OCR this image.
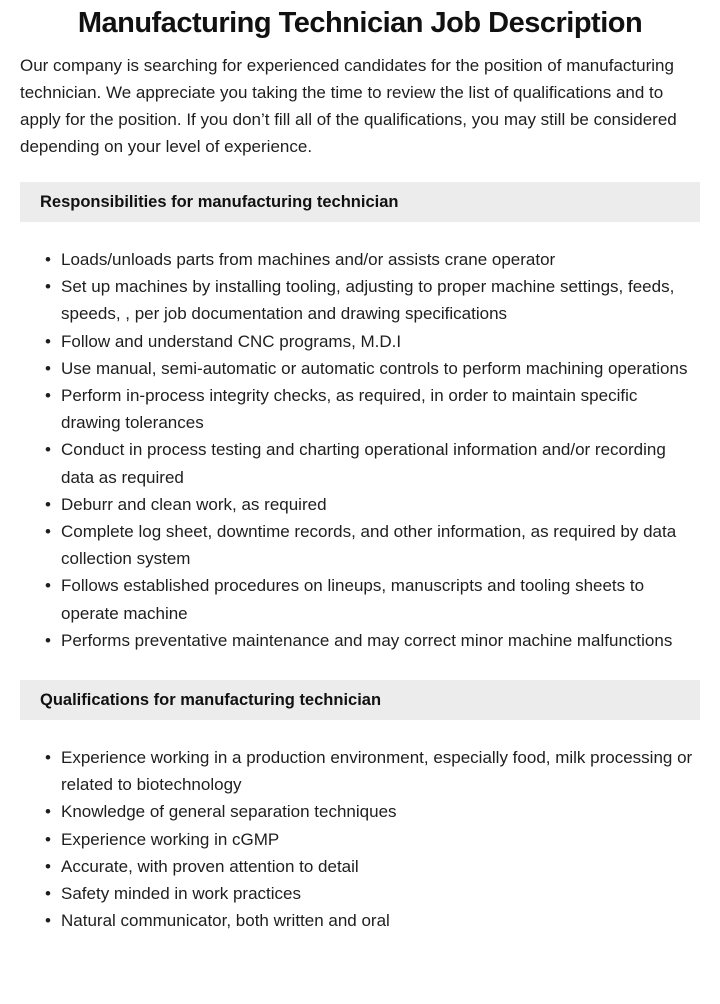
Manufacturing Technician Job Description

Our company is searching for experienced candidates for the position of manufacturing technician. We appreciate you taking the time to review the list of qualifications and to apply for the position. If you don’t fill all of the qualifications, you may still be considered depending on your level of experience.

Responsibilities for manufacturing technician
• Loads/unloads parts from machines and/or assists crane operator
• Set up machines by installing tooling, adjusting to proper machine settings, feeds, speeds, , per job documentation and drawing specifications
• Follow and understand CNC programs, M.D.I
• Use manual, semi-automatic or automatic controls to perform machining operations
• Perform in-process integrity checks, as required, in order to maintain specific drawing tolerances
• Conduct in process testing and charting operational information and/or recording data as required
• Deburr and clean work, as required
• Complete log sheet, downtime records, and other information, as required by data collection system
• Follows established procedures on lineups, manuscripts and tooling sheets to operate machine
• Performs preventative maintenance and may correct minor machine malfunctions
Qualifications for manufacturing technician
• Experience working in a production environment, especially food, milk processing or related to biotechnology
• Knowledge of general separation techniques
• Experience working in cGMP
• Accurate, with proven attention to detail
• Safety minded in work practices
• Natural communicator, both written and oral
